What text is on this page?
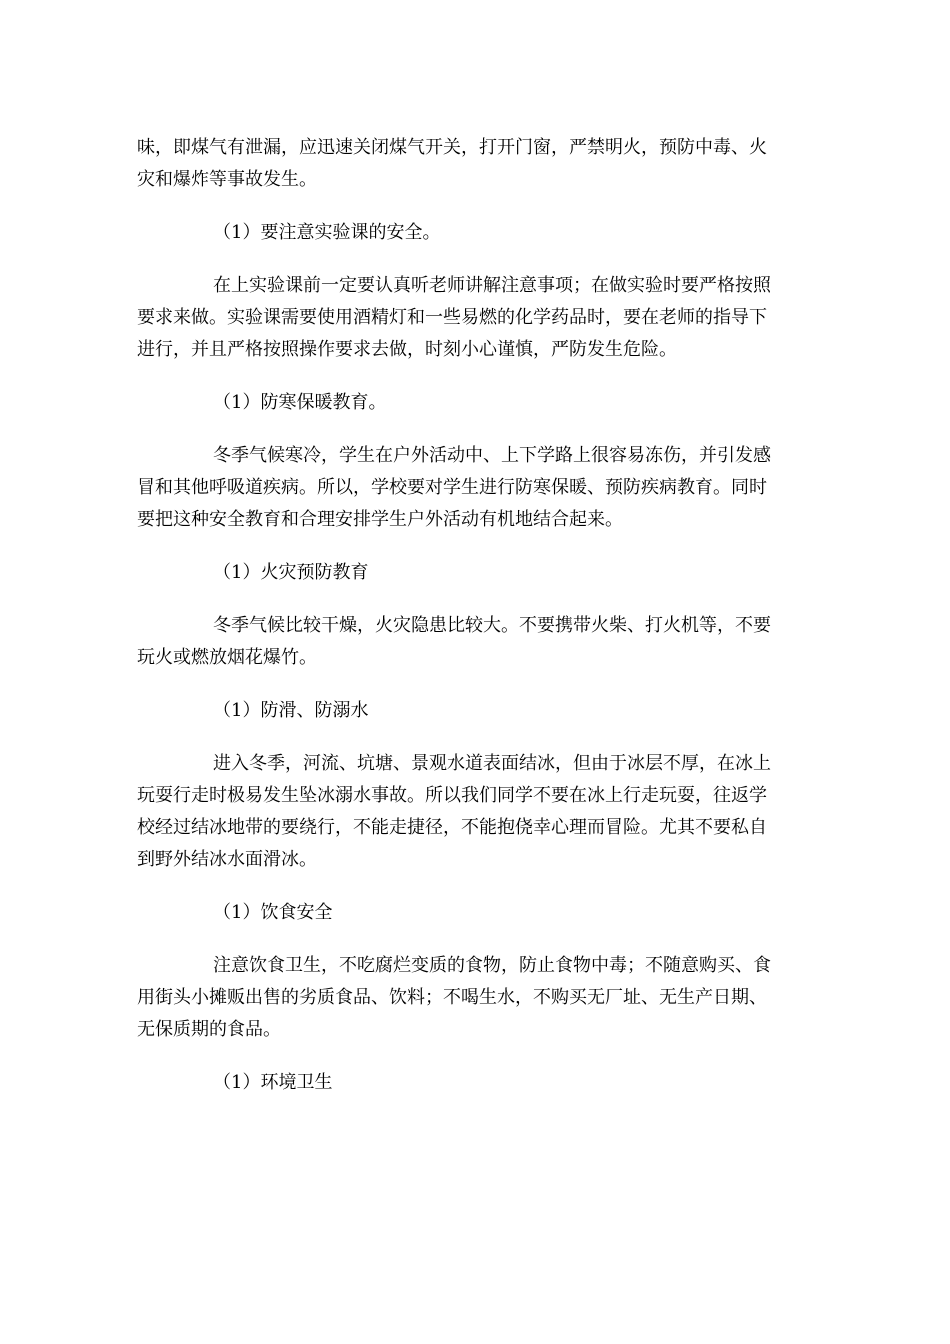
味，即煤气有泄漏，应迅速关闭煤气开关，打开门窗，严禁明火，预防中毒、火
灾和爆炸等事故发生。

（1）要注意实验课的安全。

在上实验课前一定要认真听老师讲解注意事项；在做实验时要严格按照
要求来做。实验课需要使用酒精灯和一些易燃的化学药品时，要在老师的指导下
进行，并且严格按照操作要求去做，时刻小心谨慎，严防发生危险。

（1）防寒保暖教育。

冬季气候寒冷，学生在户外活动中、上下学路上很容易冻伤，并引发感
冒和其他呼吸道疾病。所以，学校要对学生进行防寒保暖、预防疾病教育。同时
要把这种安全教育和合理安排学生户外活动有机地结合起来。

（1）火灾预防教育

冬季气候比较干燥，火灾隐患比较大。不要携带火柴、打火机等，不要
玩火或燃放烟花爆竹。

（1）防滑、防溺水

进入冬季，河流、坑塘、景观水道表面结冰，但由于冰层不厚，在冰上
玩耍行走时极易发生坠冰溺水事故。所以我们同学不要在冰上行走玩耍，往返学
校经过结冰地带的要绕行，不能走捷径，不能抱侥幸心理而冒险。尤其不要私自
到野外结冰水面滑冰。

（1）饮食安全

注意饮食卫生，不吃腐烂变质的食物，防止食物中毒；不随意购买、食
用街头小摊贩出售的劣质食品、饮料；不喝生水，不购买无厂址、无生产日期、
无保质期的食品。

（1）环境卫生
